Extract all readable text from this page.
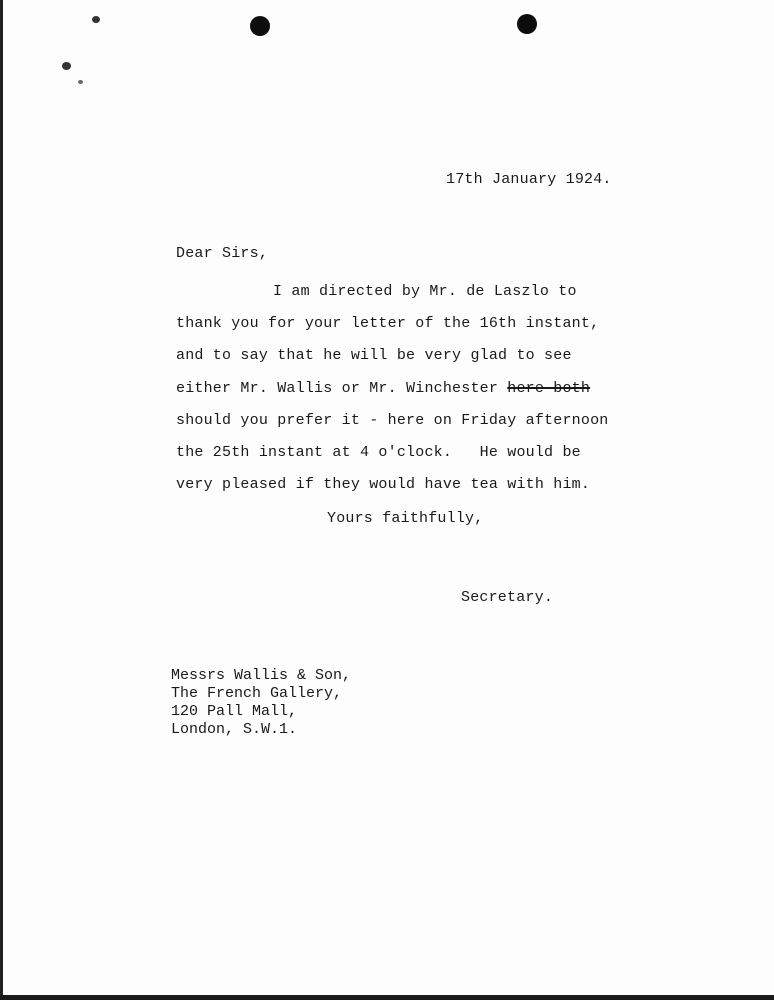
17th January 1924.
Dear Sirs,
I am directed by Mr. de Laszlo to
thank you for your letter of the 16th instant,
and to say that he will be very glad to see
either Mr. Wallis or Mr. Winchester here both
should you prefer it - here on Friday afternoon
the 25th instant at 4 o'clock.   He would be
very pleased if they would have tea with him.
Yours faithfully,
Secretary.
Messrs Wallis & Son,
The French Gallery,
120 Pall Mall,
London, S.W.1.
